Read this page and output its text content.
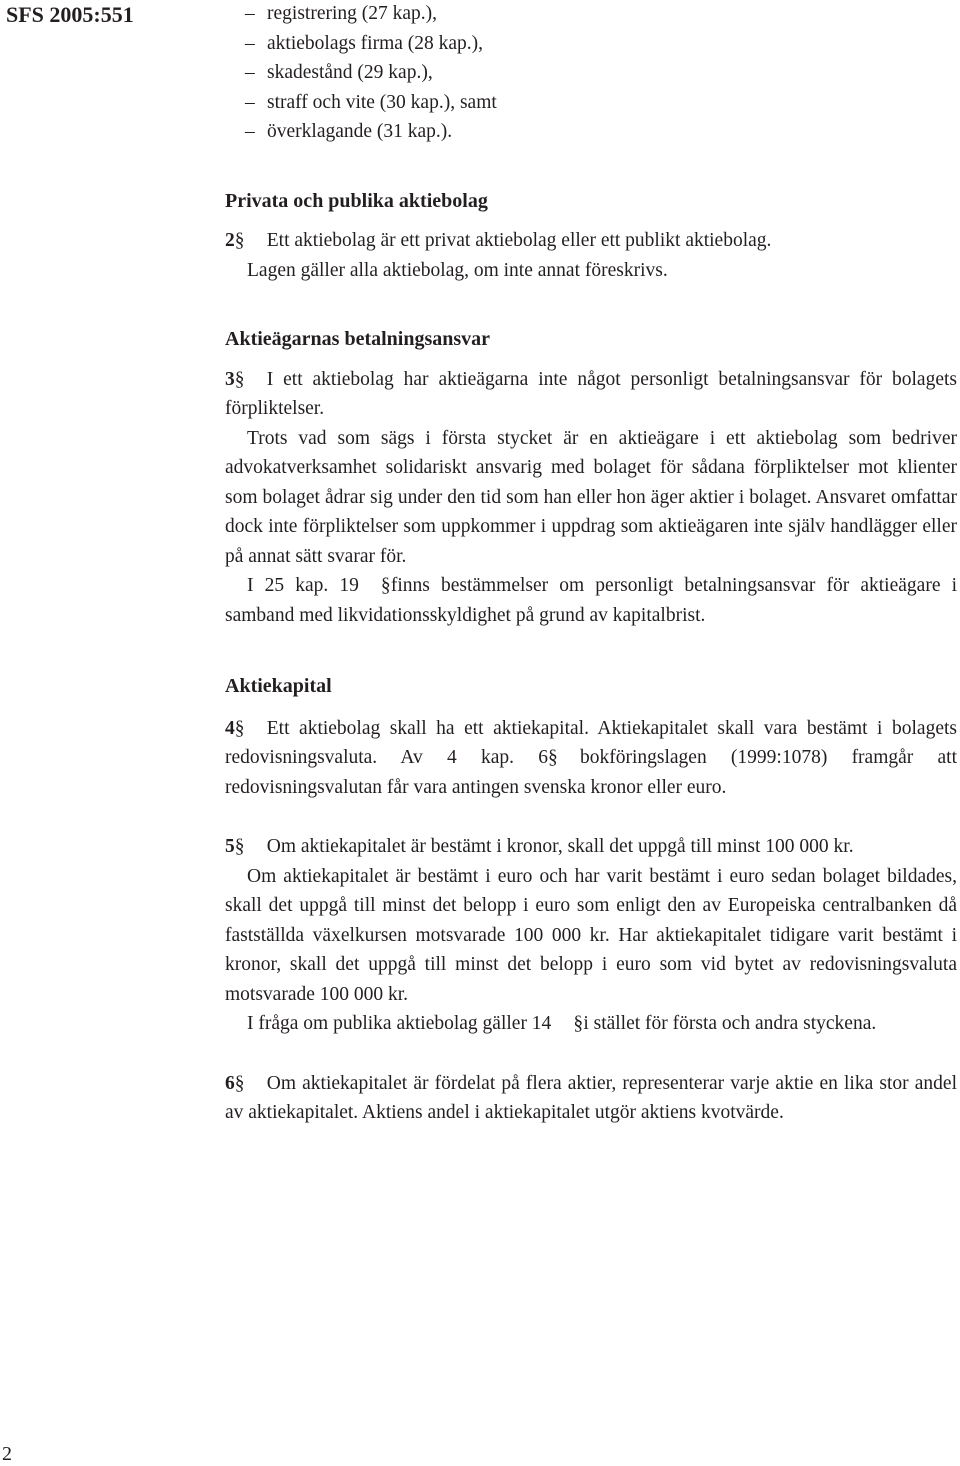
SFS 2005:551
–	registrering (27 kap.),
– aktiebolags firma (28 kap.),
– skadestånd (29 kap.),
– straff och vite (30 kap.), samt
– överklagande (31 kap.).
Privata och publika aktiebolag

2§ Ett aktiebolag är ett privat aktiebolag eller ett publikt aktiebolag.

Lagen gäller alla aktiebolag, om inte annat föreskrivs.

Aktieägarnas betalningsansvar

3§ I ett aktiebolag har aktieägarna inte något personligt betalningsansvar för bolagets förpliktelser.

Trots vad som sägs i första stycket är en aktieägare i ett aktiebolag som bedriver advokatverksamhet solidariskt ansvarig med bolaget för sådana förpliktelser mot klienter som bolaget ådrar sig under den tid som han eller hon äger aktier i bolaget. Ansvaret omfattar dock inte förpliktelser som uppkommer i uppdrag som aktieägaren inte själv handlägger eller på annat sätt svarar för.

I 25 kap. 19 §finns bestämmelser om personligt betalningsansvar för aktieägare i samband med likvidationsskyldighet på grund av kapitalbrist.

Aktiekapital

4§ Ett aktiebolag skall ha ett aktiekapital. Aktiekapitalet skall vara bestämt i bolagets redovisningsvaluta. Av 4 kap. 6§ bokföringslagen (1999:1078) framgår att redovisningsvalutan får vara antingen svenska kronor eller euro.

5§ Om aktiekapitalet är bestämt i kronor, skall det uppgå till minst 100 000 kr.

Om aktiekapitalet är bestämt i euro och har varit bestämt i euro sedan bolaget bildades, skall det uppgå till minst det belopp i euro som enligt den av Europeiska centralbanken då fastställda växelkursen motsvarade 100 000 kr. Har aktiekapitalet tidigare varit bestämt i kronor, skall det uppgå till minst det belopp i euro som vid bytet av redovisningsvaluta motsvarade 100 000 kr.

I fråga om publika aktiebolag gäller 14 §i stället för första och andra styckena.

6§ Om aktiekapitalet är fördelat på flera aktier, representerar varje aktie en lika stor andel av aktiekapitalet. Aktiens andel i aktiekapitalet utgör aktiens kvotvärde.

2
